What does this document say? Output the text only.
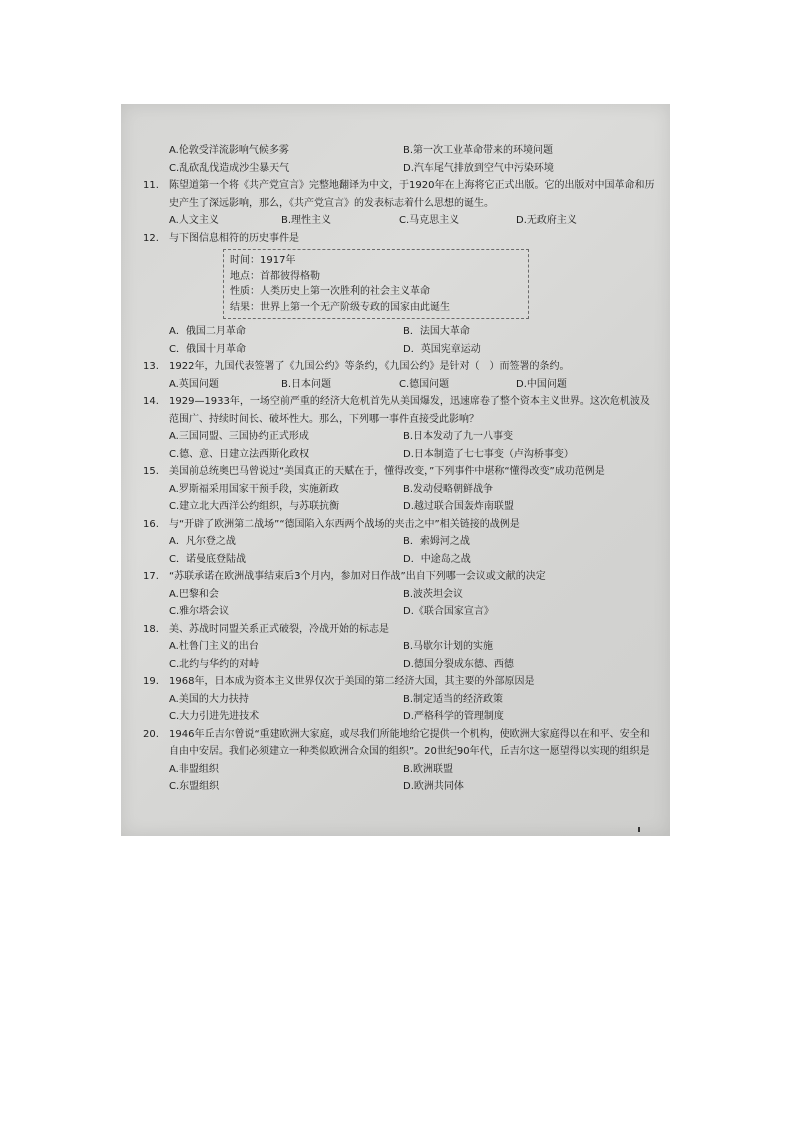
A.伦敦受洋流影响气候多雾	B.第一次工业革命带来的环境问题
C.乱砍乱伐造成沙尘暴天气	D.汽车尾气排放到空气中污染环境
11.	陈望道第一个将《共产党宣言》完整地翻译为中文，于1920年在上海将它正式出版。它的出版对中国革命和历史产生了深远影响，那么，《共产党宣言》的发表标志着什么思想的诞生。
A.人文主义	B.理性主义	C.马克思主义	D.无政府主义
12.	与下图信息相符的历史事件是
时间：1917年
地点：首都彼得格勒
性质：人类历史上第一次胜利的社会主义革命
结果：世界上第一个无产阶级专政的国家由此诞生
A．俄国二月革命	B．法国大革命
C．俄国十月革命	D．英国宪章运动
13.	1922年，九国代表签署了《九国公约》等条约，《九国公约》是针对（　）而签署的条约。
A.英国问题	B.日本问题	C.德国问题	D.中国问题
14.	1929—1933年，一场空前严重的经济大危机首先从美国爆发，迅速席卷了整个资本主义世界。这次危机波及范围广、持续时间长、破坏性大。那么，下列哪一事件直接受此影响？
A.三国同盟、三国协约正式形成	B.日本发动了九一八事变
C.德、意、日建立法西斯化政权	D.日本制造了七七事变（卢沟桥事变）
15.	美国前总统奥巴马曾说过“美国真正的天赋在于，懂得改变，”下列事件中堪称“懂得改变”成功范例是
A.罗斯福采用国家干预手段，实施新政	B.发动侵略朝鲜战争
C.建立北大西洋公约组织，与苏联抗衡	D.越过联合国轰炸南联盟
16.	与“开辟了欧洲第二战场”“德国陷入东西两个战场的夹击之中”相关链接的战例是
A．凡尔登之战	B．索姆河之战
C．诺曼底登陆战	D．中途岛之战
17.	“苏联承诺在欧洲战事结束后3个月内，参加对日作战”出自下列哪一会议或文献的决定
A.巴黎和会	B.波茨坦会议
C.雅尔塔会议	D.《联合国家宣言》
18.	美、苏战时同盟关系正式破裂，冷战开始的标志是
A.杜鲁门主义的出台	B.马歇尔计划的实施
C.北约与华约的对峙	D.德国分裂成东德、西德
19.	1968年，日本成为资本主义世界仅次于美国的第二经济大国，其主要的外部原因是
A.美国的大力扶持	B.制定适当的经济政策
C.大力引进先进技术	D.严格科学的管理制度
20.	1946年丘吉尔曾说“重建欧洲大家庭，或尽我们所能地给它提供一个机构，使欧洲大家庭得以在和平、安全和自由中安居。我们必须建立一种类似欧洲合众国的组织”。20世纪90年代，丘吉尔这一愿望得以实现的组织是
A.非盟组织	B.欧洲联盟
C.东盟组织	D.欧洲共同体
